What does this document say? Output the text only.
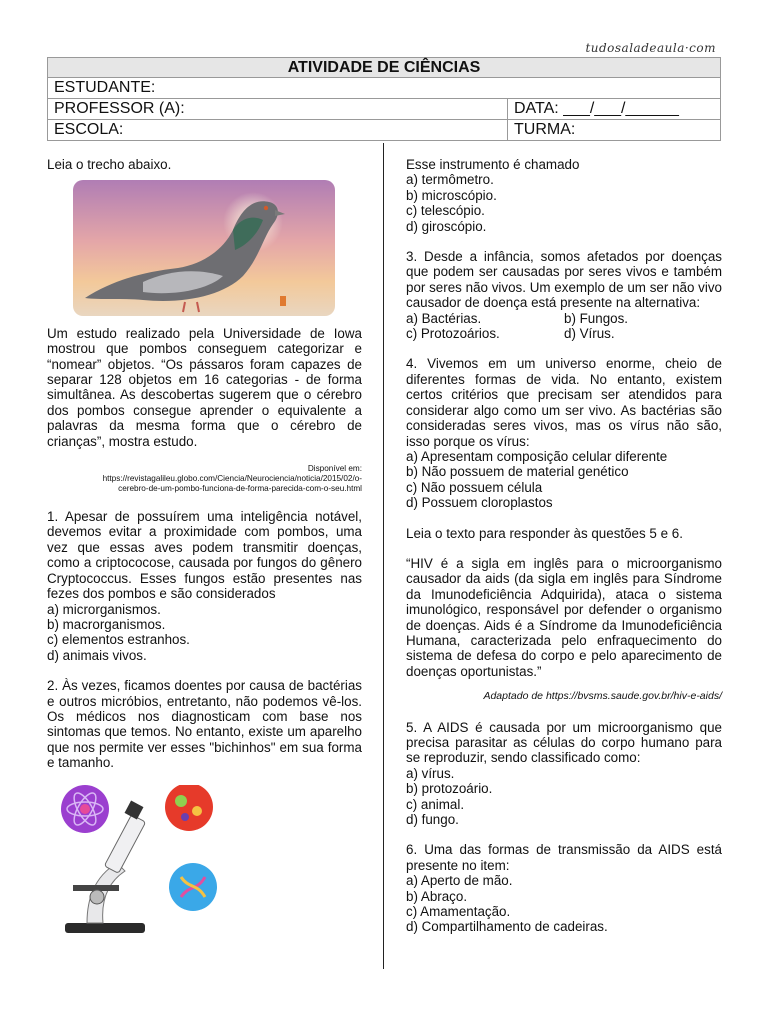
tudosaladeaula·com
ATIVIDADE DE CIÊNCIAS	
ESTUDANTE:	
PROFESSOR (A):	DATA: ___/___/______
ESCOLA:	TURMA:

Leia o trecho abaixo.

Um estudo realizado pela Universidade de Iowa mostrou que pombos conseguem categorizar e “nomear” objetos. “Os pássaros foram capazes de separar 128 objetos em 16 categorias - de forma simultânea. As descobertas sugerem que o cérebro dos pombos consegue aprender o equivalente a palavras da mesma forma que o cérebro de crianças”, mostra estudo.

Disponível em:
https://revistagalileu.globo.com/Ciencia/Neurociencia/noticia/2015/02/o-
cerebro-de-um-pombo-funciona-de-forma-parecida-com-o-seu.html

1. Apesar de possuírem uma inteligência notável, devemos evitar a proximidade com pombos, uma vez que essas aves podem transmitir doenças, como a criptococose, causada por fungos do gênero Cryptococcus. Esses fungos estão presentes nas fezes dos pombos e são considerados

a) microrganismos.

b) macrorganismos.

c) elementos estranhos.

d) animais vivos.

2. Às vezes, ficamos doentes por causa de bactérias e outros micróbios, entretanto, não podemos vê-los. Os médicos nos diagnosticam com base nos sintomas que temos. No entanto, existe um aparelho que nos permite ver esses "bichinhos" em sua forma e tamanho.

Esse instrumento é chamado

a) termômetro.

b) microscópio.

c) telescópio.

d) giroscópio.

3. Desde a infância, somos afetados por doenças que podem ser causadas por seres vivos e também por seres não vivos. Um exemplo de um ser não vivo causador de doença está presente na alternativa:

a) Bactérias.	b) Fungos.
c) Protozoários.	d) Vírus.

4. Vivemos em um universo enorme, cheio de diferentes formas de vida. No entanto, existem certos critérios que precisam ser atendidos para considerar algo como um ser vivo. As bactérias são consideradas seres vivos, mas os vírus não são, isso porque os vírus:

a) Apresentam composição celular diferente

b) Não possuem de material genético

c) Não possuem célula

d) Possuem cloroplastos

Leia o texto para responder às questões 5 e 6.

“HIV é a sigla em inglês para o microorganismo causador da aids (da sigla em inglês para Síndrome da Imunodeficiência Adquirida), ataca o sistema imunológico, responsável por defender o organismo de doenças. Aids é a Síndrome da Imunodeficiência Humana, caracterizada pelo enfraquecimento do sistema de defesa do corpo e pelo aparecimento de doenças oportunistas.”

Adaptado de https://bvsms.saude.gov.br/hiv-e-aids/

5. A AIDS é causada por um microorganismo que precisa parasitar as células do corpo humano para se reproduzir, sendo classificado como:

a) vírus.

b) protozoário.

c) animal.

d) fungo.

6. Uma das formas de transmissão da AIDS está presente no item:

a) Aperto de mão.

b) Abraço.

c) Amamentação.

d) Compartilhamento de cadeiras.
